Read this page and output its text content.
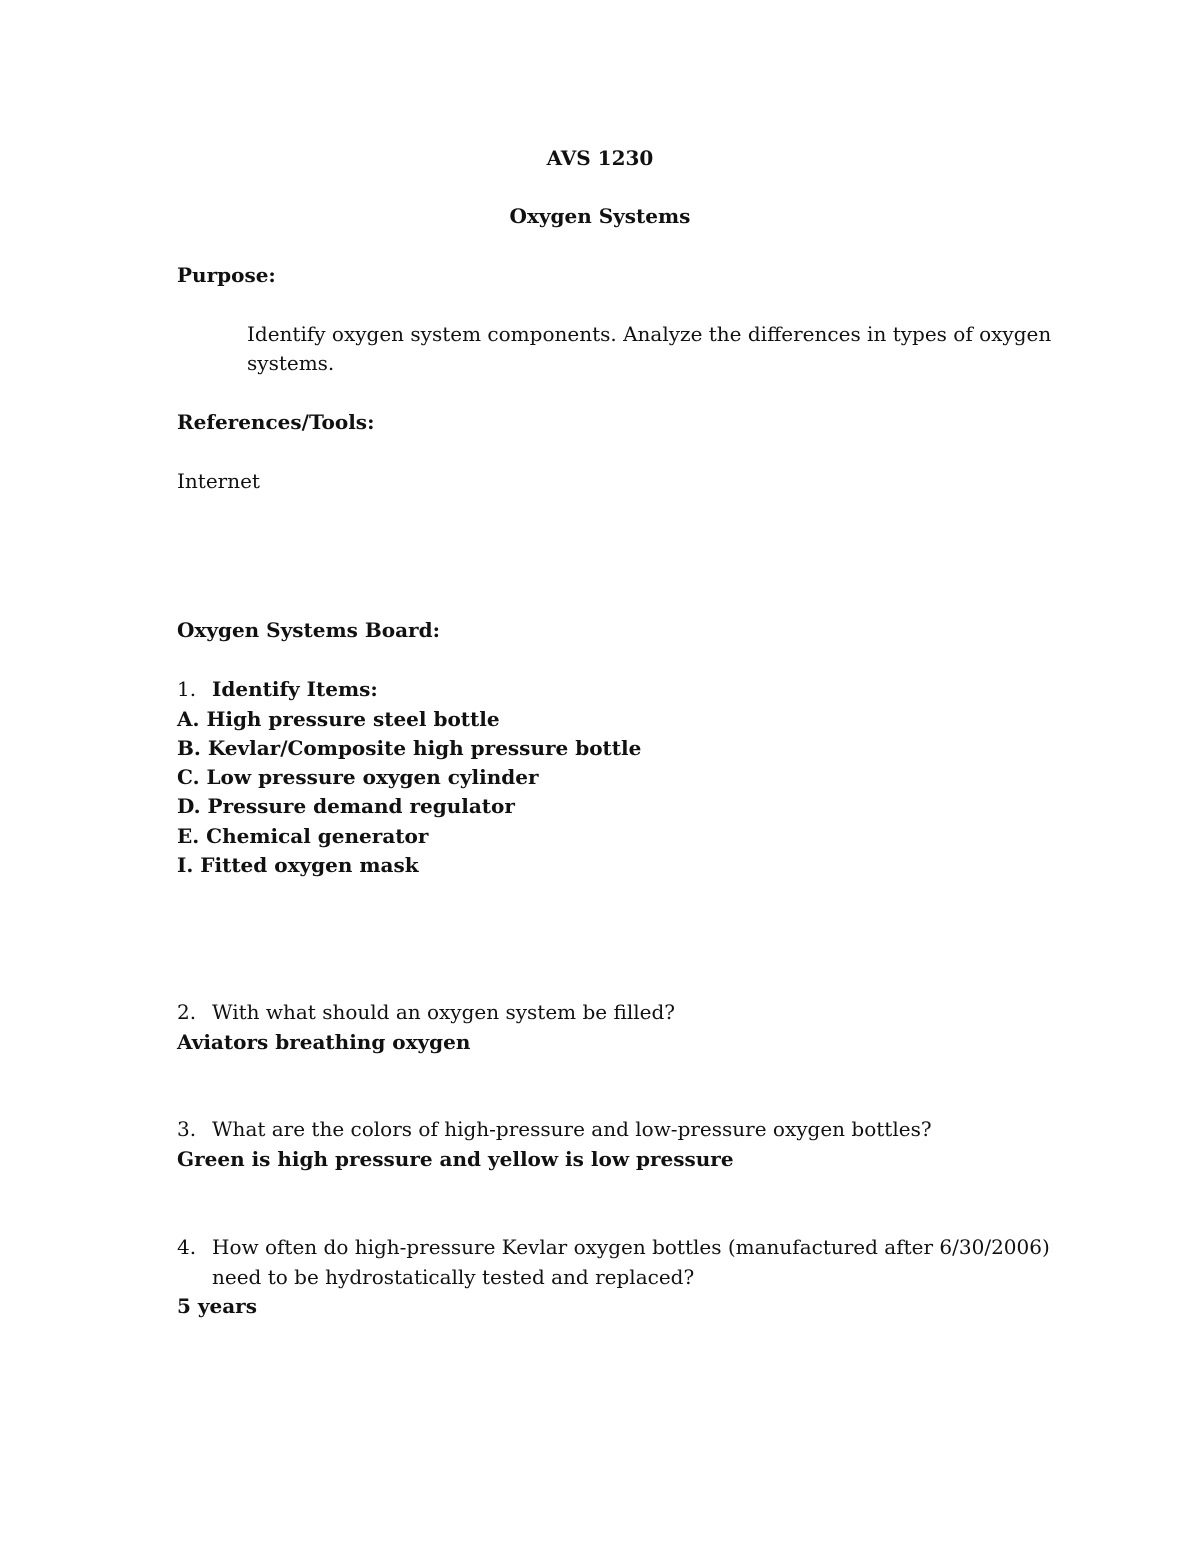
AVS 1230
Oxygen Systems
Purpose:
Identify oxygen system components. Analyze the differences in types of oxygen
systems.
References/Tools:
Internet
Oxygen Systems Board:
1. Identify Items:
A. High pressure steel bottle
B. Kevlar/Composite high pressure bottle
C. Low pressure oxygen cylinder
D. Pressure demand regulator
E. Chemical generator
I. Fitted oxygen mask
2. With what should an oxygen system be filled?
Aviators breathing oxygen
3. What are the colors of high-pressure and low-pressure oxygen bottles?
Green is high pressure and yellow is low pressure
4. How often do high-pressure Kevlar oxygen bottles (manufactured after 6/30/2006)
need to be hydrostatically tested and replaced?
5 years
